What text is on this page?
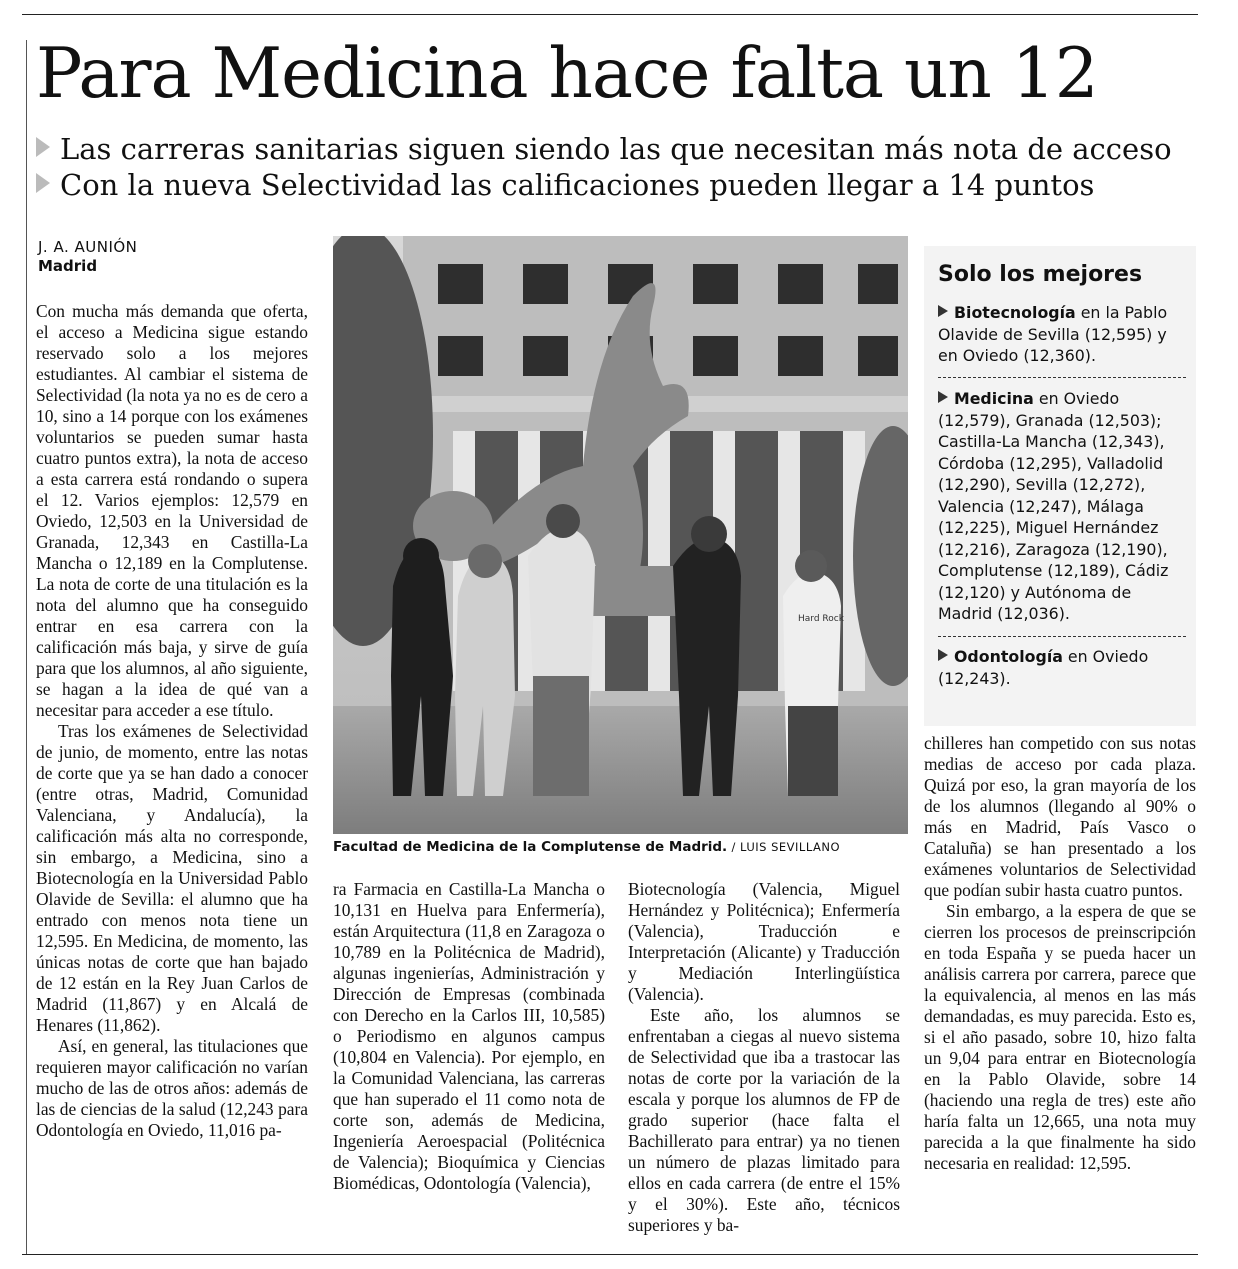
Para Medicina hace falta un 12

Las carreras sanitarias siguen siendo las que necesitan más nota de acceso

Con la nueva Selectividad las calificaciones pueden llegar a 14 puntos

J. A. AUNIÓN
Madrid

Con mucha más demanda que oferta, el acceso a Medicina sigue estando reservado solo a los mejores estudiantes. Al cambiar el sistema de Selectividad (la nota ya no es de cero a 10, sino a 14 porque con los exámenes voluntarios se pueden sumar hasta cuatro puntos extra), la nota de acceso a esta carrera está rondando o supera el 12. Varios ejemplos: 12,579 en Oviedo, 12,503 en la Universidad de Granada, 12,343 en Castilla-La Mancha o 12,189 en la Complutense. La nota de corte de una titulación es la nota del alumno que ha conseguido entrar en esa carrera con la calificación más baja, y sirve de guía para que los alumnos, al año siguiente, se hagan a la idea de qué van a necesitar para acceder a ese título.

Tras los exámenes de Selectividad de junio, de momento, entre las notas de corte que ya se han dado a conocer (entre otras, Madrid, Comunidad Valenciana, y Andalucía), la calificación más alta no corresponde, sin embargo, a Medicina, sino a Biotecnología en la Universidad Pablo Olavide de Sevilla: el alumno que ha entrado con menos nota tiene un 12,595. En Medicina, de momento, las únicas notas de corte que han bajado de 12 están en la Rey Juan Carlos de Madrid (11,867) y en Alcalá de Henares (11,862).

Así, en general, las titulaciones que requieren mayor calificación no varían mucho de las de otros años: además de las de ciencias de la salud (12,243 para Odontología en Oviedo, 11,016 pa-

Hard Rock
Facultad de Medicina de la Complutense de Madrid. / LUIS SEVILLANO

ra Farmacia en Castilla-La Mancha o 10,131 en Huelva para Enfermería), están Arquitectura (11,8 en Zaragoza o 10,789 en la Politécnica de Madrid), algunas ingenierías, Administración y Dirección de Empresas (combinada con Derecho en la Carlos III, 10,585) o Periodismo en algunos campus (10,804 en Valencia). Por ejemplo, en la Comunidad Valenciana, las carreras que han superado el 11 como nota de corte son, además de Medicina, Ingeniería Aeroespacial (Politécnica de Valencia); Bioquímica y Ciencias Biomédicas, Odontología (Valencia),

Biotecnología (Valencia, Miguel Hernández y Politécnica); Enfermería (Valencia), Traducción e Interpretación (Alicante) y Traducción y Mediación Interlingüística (Valencia).

Este año, los alumnos se enfrentaban a ciegas al nuevo sistema de Selectividad que iba a trastocar las notas de corte por la variación de la escala y porque los alumnos de FP de grado superior (hace falta el Bachillerato para entrar) ya no tienen un número de plazas limitado para ellos en cada carrera (de entre el 15% y el 30%). Este año, técnicos superiores y ba-

Solo los mejores
Biotecnología en la Pablo Olavide de Sevilla (12,595) y en Oviedo (12,360).
Medicina en Oviedo (12,579), Granada (12,503); Castilla-La Mancha (12,343), Córdoba (12,295), Valladolid (12,290), Sevilla (12,272), Valencia (12,247), Málaga (12,225), Miguel Hernández (12,216), Zaragoza (12,190), Complutense (12,189), Cádiz (12,120) y Autónoma de Madrid (12,036).
Odontología en Oviedo (12,243).

chilleres han competido con sus notas medias de acceso por cada plaza. Quizá por eso, la gran mayoría de los de los alumnos (llegando al 90% o más en Madrid, País Vasco o Cataluña) se han presentado a los exámenes voluntarios de Selectividad que podían subir hasta cuatro puntos.

Sin embargo, a la espera de que se cierren los procesos de preinscripción en toda España y se pueda hacer un análisis carrera por carrera, parece que la equivalencia, al menos en las más demandadas, es muy parecida. Esto es, si el año pasado, sobre 10, hizo falta un 9,04 para entrar en Biotecnología en la Pablo Olavide, sobre 14 (haciendo una regla de tres) este año haría falta un 12,665, una nota muy parecida a la que finalmente ha sido necesaria en realidad: 12,595.
